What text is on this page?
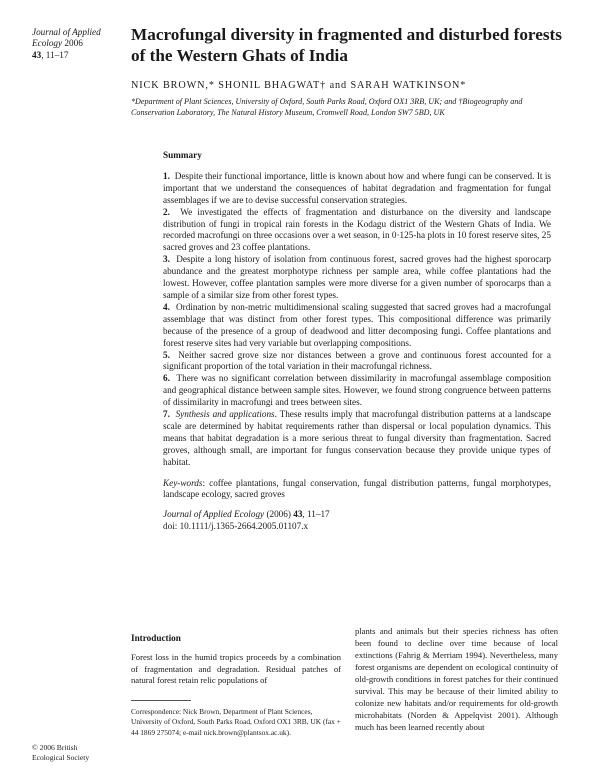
Journal of Applied
Ecology 2006
43, 11–17
Macrofungal diversity in fragmented and disturbed forests of the Western Ghats of India
NICK BROWN,* SHONIL BHAGWAT† and SARAH WATKINSON*
*Department of Plant Sciences, University of Oxford, South Parks Road, Oxford OX1 3RB, UK; and †Biogeography and Conservation Laboratory, The Natural History Museum, Cromwell Road, London SW7 5BD, UK
Summary

1. Despite their functional importance, little is known about how and where fungi can be conserved. It is important that we understand the consequences of habitat degradation and fragmentation for fungal assemblages if we are to devise successful conservation strategies.

2. We investigated the effects of fragmentation and disturbance on the diversity and landscape distribution of fungi in tropical rain forests in the Kodagu district of the Western Ghats of India. We recorded macrofungi on three occasions over a wet season, in 0·125-ha plots in 10 forest reserve sites, 25 sacred groves and 23 coffee plantations.

3. Despite a long history of isolation from continuous forest, sacred groves had the highest sporocarp abundance and the greatest morphotype richness per sample area, while coffee plantations had the lowest. However, coffee plantation samples were more diverse for a given number of sporocarps than a sample of a similar size from other forest types.

4. Ordination by non-metric multidimensional scaling suggested that sacred groves had a macrofungal assemblage that was distinct from other forest types. This compositional difference was primarily because of the presence of a group of deadwood and litter decomposing fungi. Coffee plantations and forest reserve sites had very variable but overlapping compositions.

5. Neither sacred grove size nor distances between a grove and continuous forest accounted for a significant proportion of the total variation in their macrofungal richness.

6. There was no significant correlation between dissimilarity in macrofungal assemblage composition and geographical distance between sample sites. However, we found strong congruence between patterns of dissimilarity in macrofungi and trees between sites.

7. Synthesis and applications. These results imply that macrofungal distribution patterns at a landscape scale are determined by habitat requirements rather than dispersal or local population dynamics. This means that habitat degradation is a more serious threat to fungal diversity than fragmentation. Sacred groves, although small, are important for fungus conservation because they provide unique types of habitat.

Key-words: coffee plantations, fungal conservation, fungal distribution patterns, fungal morphotypes, landscape ecology, sacred groves

Journal of Applied Ecology (2006) 43, 11–17

doi: 10.1111/j.1365-2664.2005.01107.x

Introduction

Forest loss in the humid tropics proceeds by a combination of fragmentation and degradation. Residual patches of natural forest retain relic populations of

Correspondence: Nick Brown, Department of Plant Sciences, University of Oxford, South Parks Road, Oxford OX1 3RB, UK (fax + 44 1869 275074; e-mail nick.brown@plantsox.ac.uk).

plants and animals but their species richness has often been found to decline over time because of local extinctions (Fahrig & Merriam 1994). Nevertheless, many forest organisms are dependent on ecological continuity of old-growth conditions in forest patches for their continued survival. This may be because of their limited ability to colonize new habitats and/or requirements for old-growth microhabitats (Norden & Appelqvist 2001). Although much has been learned recently about

© 2006 British
Ecological Society
